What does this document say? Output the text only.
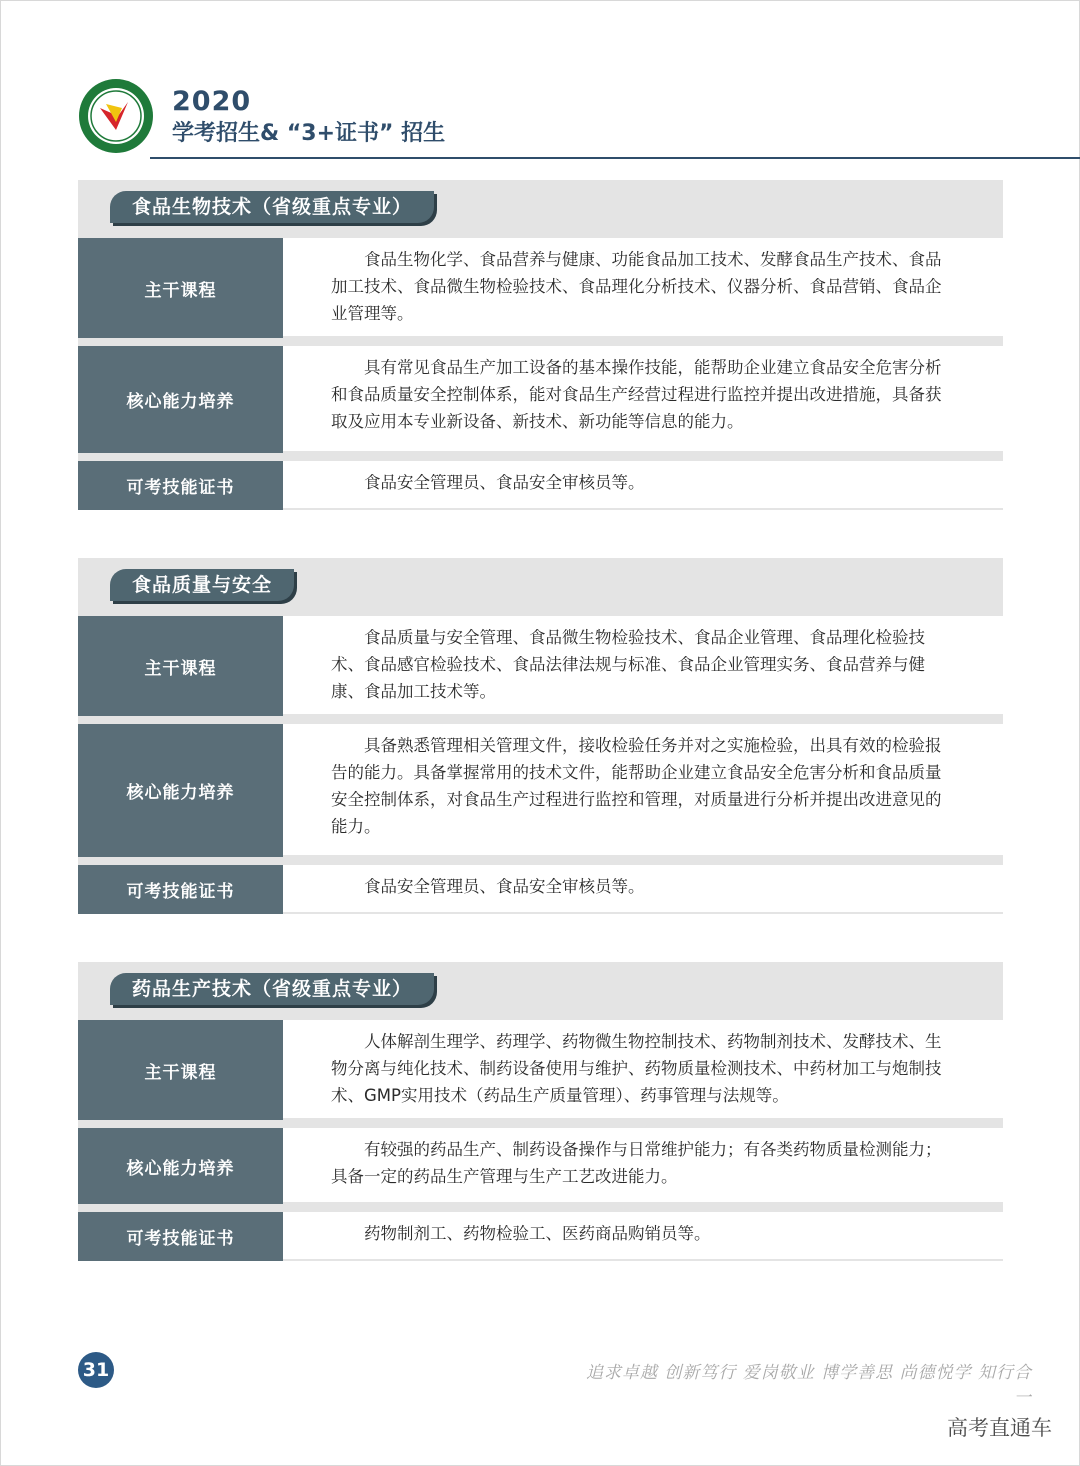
2020
学考招生& “3+证书” 招生
食品生物技术（省级重点专业）
主干课程
食品生物化学、食品营养与健康、功能食品加工技术、发酵食品生产技术、食品加工技术、食品微生物检验技术、食品理化分析技术、仪器分析、食品营销、食品企业管理等。
核心能力培养
具有常见食品生产加工设备的基本操作技能，能帮助企业建立食品安全危害分析和食品质量安全控制体系，能对食品生产经营过程进行监控并提出改进措施，具备获取及应用本专业新设备、新技术、新功能等信息的能力。
可考技能证书	食品安全管理员、食品安全审核员等。
食品质量与安全
主干课程
食品质量与安全管理、食品微生物检验技术、食品企业管理、食品理化检验技术、食品感官检验技术、食品法律法规与标准、食品企业管理实务、食品营养与健康、食品加工技术等。
核心能力培养
具备熟悉管理相关管理文件，接收检验任务并对之实施检验，出具有效的检验报告的能力。具备掌握常用的技术文件，能帮助企业建立食品安全危害分析和食品质量安全控制体系，对食品生产过程进行监控和管理，对质量进行分析并提出改进意见的能力。
可考技能证书	食品安全管理员、食品安全审核员等。
药品生产技术（省级重点专业）
主干课程
人体解剖生理学、药理学、药物微生物控制技术、药物制剂技术、发酵技术、生物分离与纯化技术、制药设备使用与维护、药物质量检测技术、中药材加工与炮制技术、GMP实用技术（药品生产质量管理）、药事管理与法规等。
核心能力培养
有较强的药品生产、制药设备操作与日常维护能力；有各类药物质量检测能力；具备一定的药品生产管理与生产工艺改进能力。
可考技能证书	药物制剂工、药物检验工、医药商品购销员等。
31	追求卓越 创新笃行 爱岗敬业 博学善思 尚德悦学 知行合一
高考直通车
